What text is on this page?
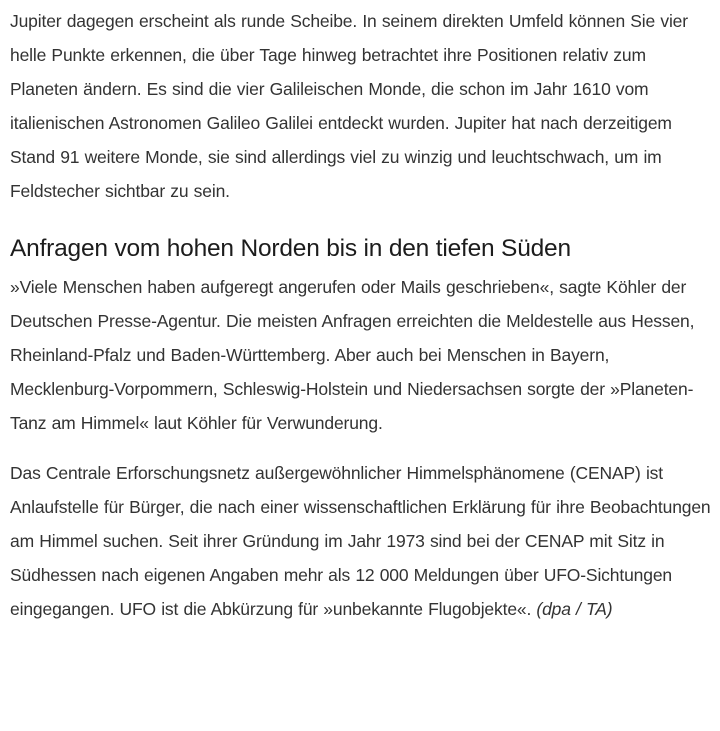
Jupiter dagegen erscheint als runde Scheibe. In seinem direkten Umfeld können Sie vier helle Punkte erkennen, die über Tage hinweg betrachtet ihre Positionen relativ zum Planeten ändern. Es sind die vier Galileischen Monde, die schon im Jahr 1610 vom italienischen Astronomen Galileo Galilei entdeckt wurden. Jupiter hat nach derzeitigem Stand 91 weitere Monde, sie sind allerdings viel zu winzig und leuchtschwach, um im Feldstecher sichtbar zu sein.

Anfragen vom hohen Norden bis in den tiefen Süden

»Viele Menschen haben aufgeregt angerufen oder Mails geschrieben«, sagte Köhler der Deutschen Presse-Agentur. Die meisten Anfragen erreichten die Meldestelle aus Hessen, Rheinland-Pfalz und Baden-Württemberg. Aber auch bei Menschen in Bayern, Mecklenburg-Vorpommern, Schleswig-Holstein und Niedersachsen sorgte der »Planeten-Tanz am Himmel« laut Köhler für Verwunderung.

Das Centrale Erforschungsnetz außergewöhnlicher Himmelsphänomene (CENAP) ist Anlaufstelle für Bürger, die nach einer wissenschaftlichen Erklärung für ihre Beobachtungen am Himmel suchen. Seit ihrer Gründung im Jahr 1973 sind bei der CENAP mit Sitz in Südhessen nach eigenen Angaben mehr als 12 000 Meldungen über UFO-Sichtungen eingegangen. UFO ist die Abkürzung für »unbekannte Flugobjekte«. (dpa / TA)
